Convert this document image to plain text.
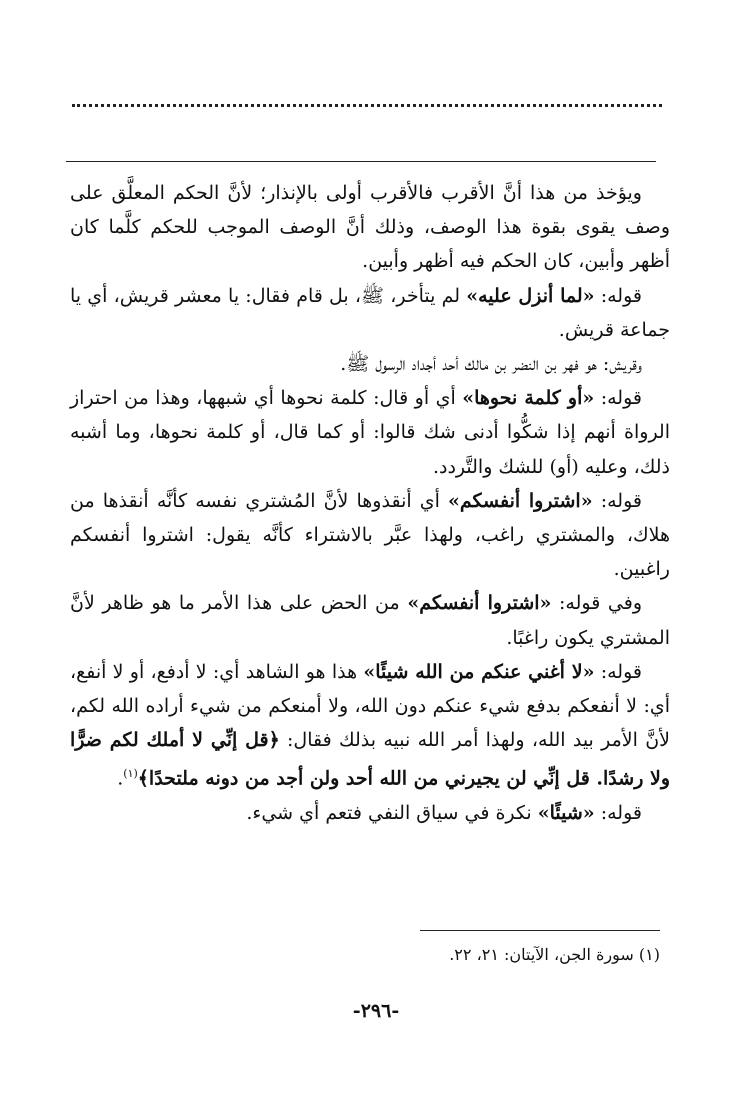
ويؤخذ من هذا أنَّ الأقرب فالأقرب أولى بالإنذار؛ لأنَّ الحكم المعلَّق على وصف يقوى بقوة هذا الوصف، وذلك أنَّ الوصف الموجب للحكم كلَّما كان أظهر وأبين، كان الحكم فيه أظهر وأبين.

قوله: «لما أنزل عليه» لم يتأخر، ﷺ، بل قام فقال: يا معشر قريش، أي يا جماعة قريش.

وقريش: هو فهر بن النضر بن مالك أحد أجداد الرسول ﷺ.

قوله: «أو كلمة نحوها» أي أو قال: كلمة نحوها أي شبهها، وهذا من احتراز الرواة أنهم إذا شكُّوا أدنى شك قالوا: أو كما قال، أو كلمة نحوها، وما أشبه ذلك، وعليه (أو) للشك والتَّردد.

قوله: «اشتروا أنفسكم» أي أنقذوها لأنَّ المُشتري نفسه كأنَّه أنقذها من هلاك، والمشتري راغب، ولهذا عبَّر بالاشتراء كأنَّه يقول: اشتروا أنفسكم راغبين.

وفي قوله: «اشتروا أنفسكم» من الحض على هذا الأمر ما هو ظاهر لأنَّ المشتري يكون راغبًا.

قوله: «لا أغني عنكم من الله شيئًا» هذا هو الشاهد أي: لا أدفع، أو لا أنفع، أي: لا أنفعكم بدفع شيء عنكم دون الله، ولا أمنعكم من شيء أراده الله لكم، لأنَّ الأمر بيد الله، ولهذا أمر الله نبيه بذلك فقال: ﴿قل إنِّي لا أملك لكم ضرًّا ولا رشدًا. قل إنِّي لن يجيرني من الله أحد ولن أجد من دونه ملتحدًا﴾$^{(١)}$.

قوله: «شيئًا» نكرة في سياق النفي فتعم أي شيء.

(١) سورة الجن، الآيتان: ٢١، ٢٢.
-٢٩٦-
